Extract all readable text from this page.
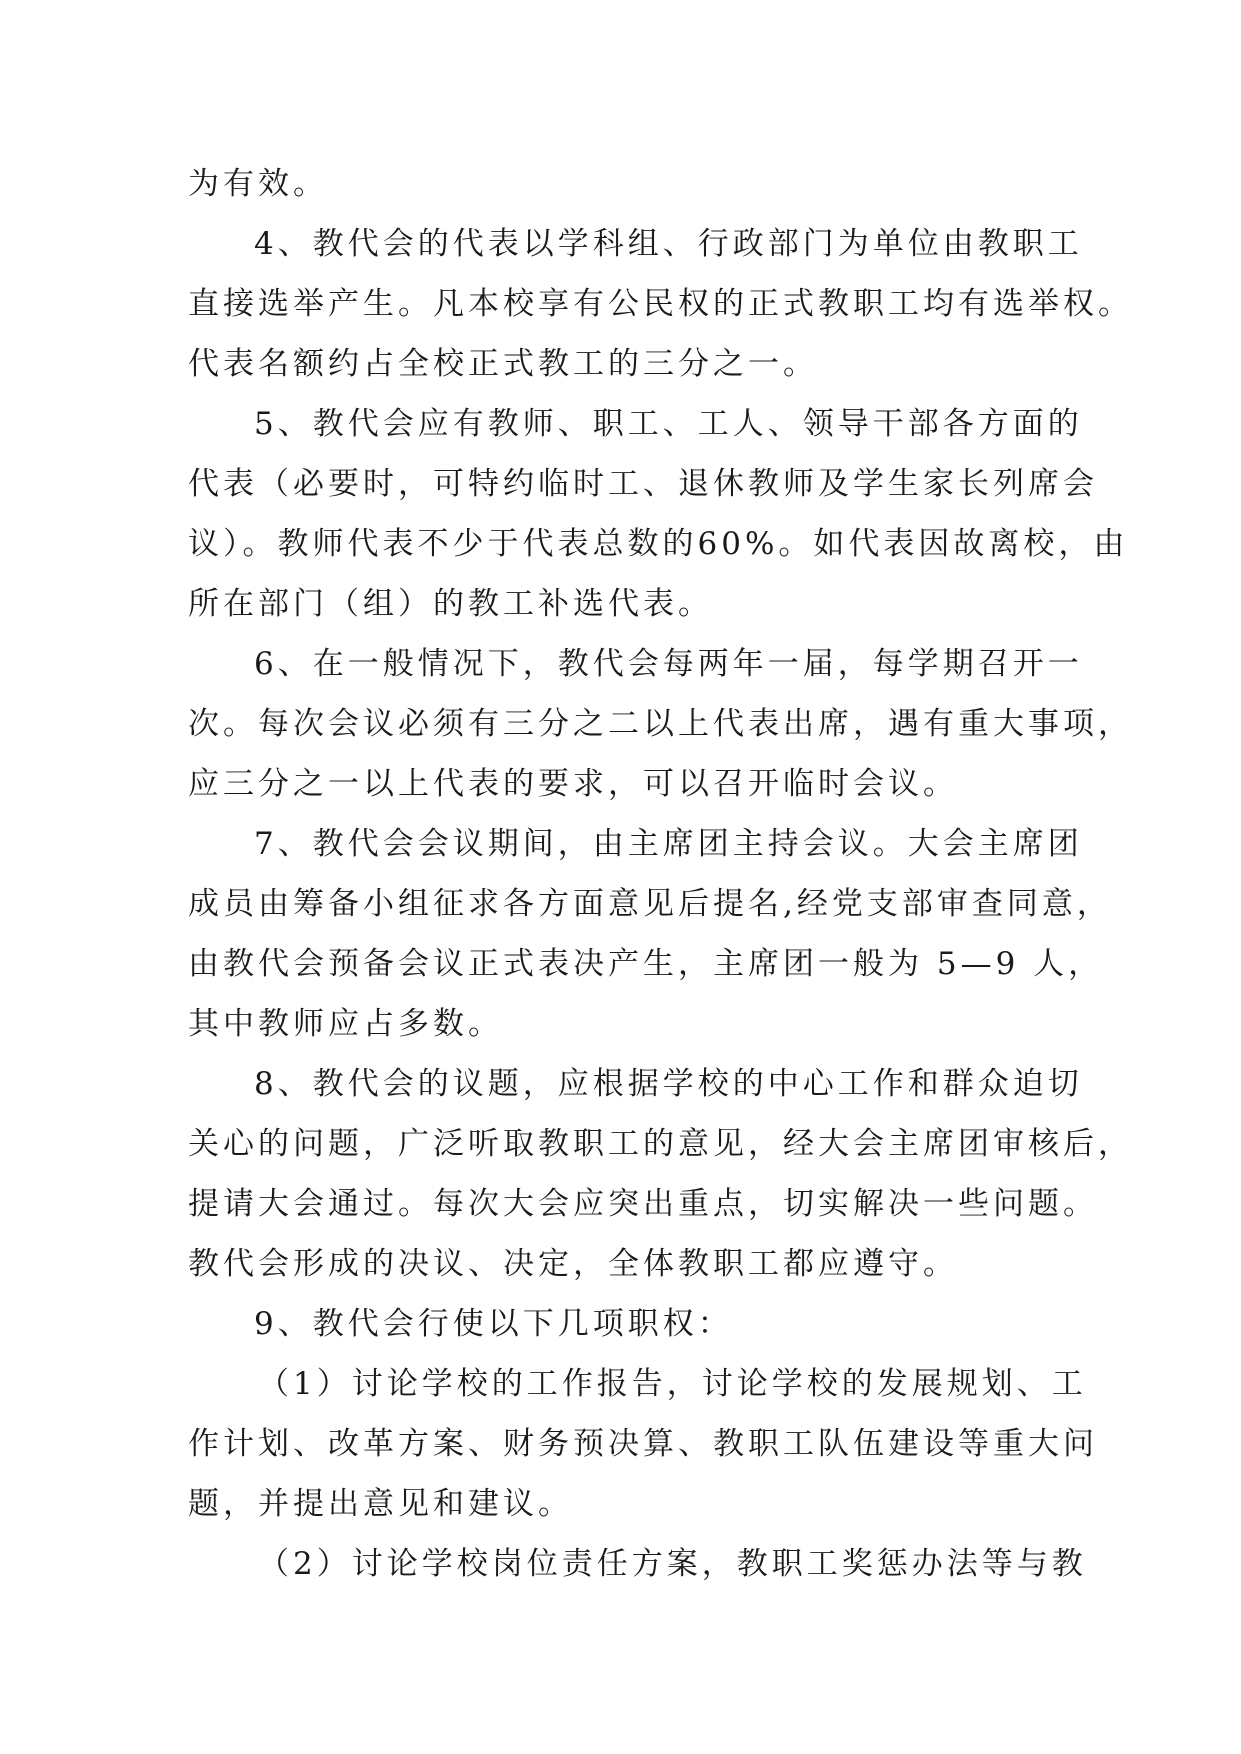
为有效。
4、教代会的代表以学科组、行政部门为单位由教职工
直接选举产生。凡本校享有公民权的正式教职工均有选举权。
代表名额约占全校正式教工的三分之一。
5、教代会应有教师、职工、工人、领导干部各方面的
代表（必要时，可特约临时工、退休教师及学生家长列席会
议）。教师代表不少于代表总数的60%。如代表因故离校，由
所在部门（组）的教工补选代表。
6、在一般情况下，教代会每两年一届，每学期召开一
次。每次会议必须有三分之二以上代表出席，遇有重大事项，
应三分之一以上代表的要求，可以召开临时会议。
7、教代会会议期间，由主席团主持会议。大会主席团
成员由筹备小组征求各方面意见后提名,经党支部审查同意，
由教代会预备会议正式表决产生，主席团一般为 5—9 人，
其中教师应占多数。
8、教代会的议题，应根据学校的中心工作和群众迫切
关心的问题，广泛听取教职工的意见，经大会主席团审核后，
提请大会通过。每次大会应突出重点，切实解决一些问题。
教代会形成的决议、决定，全体教职工都应遵守。
9、教代会行使以下几项职权：
（1）讨论学校的工作报告，讨论学校的发展规划、工
作计划、改革方案、财务预决算、教职工队伍建设等重大问
题，并提出意见和建议。
（2）讨论学校岗位责任方案，教职工奖惩办法等与教
